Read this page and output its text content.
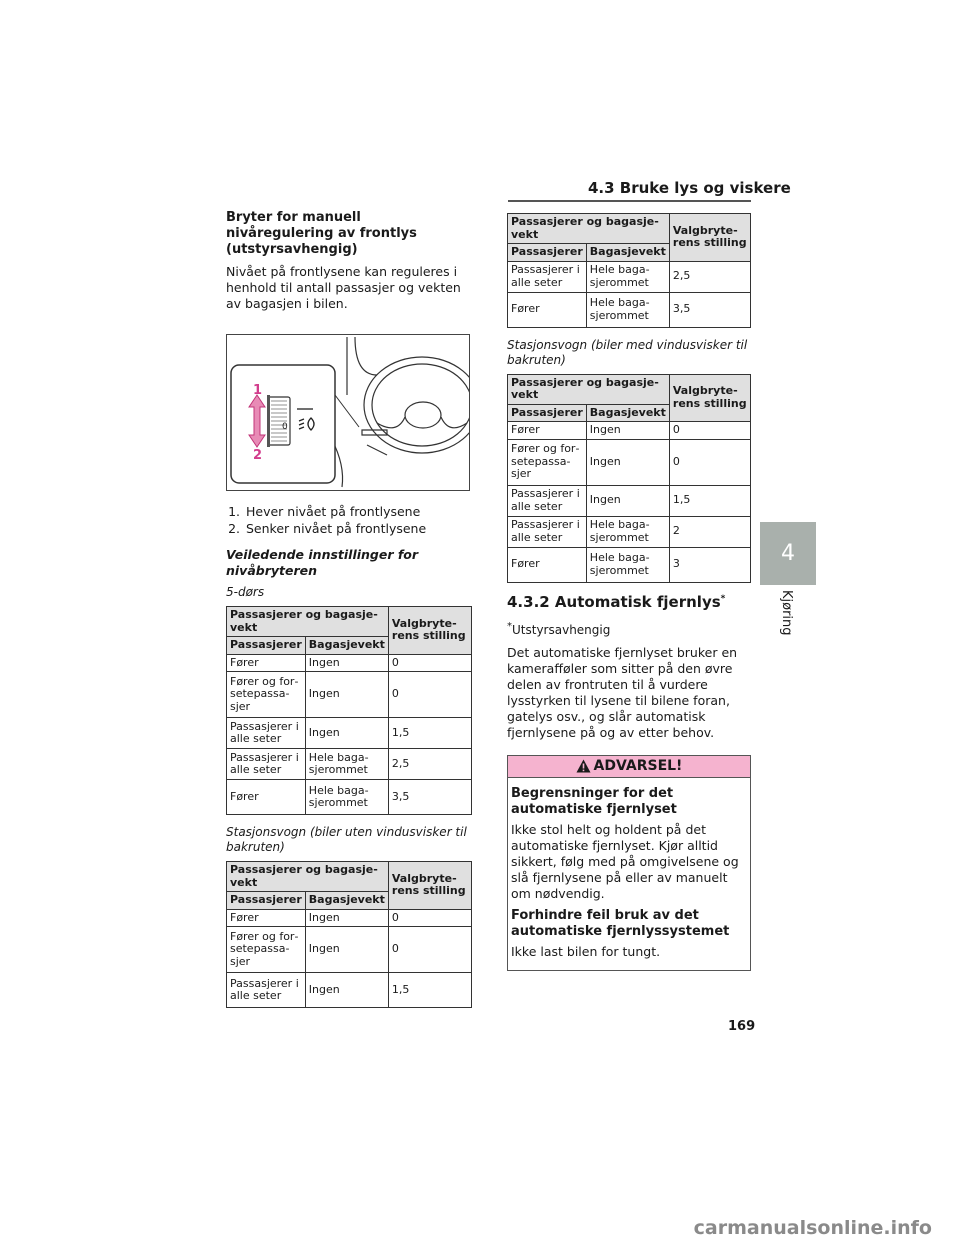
4.3 Bruke lys og viskere

Bryter for manuell nivåregulering av frontlys (utstyrsavhengig)

Nivået på frontlysene kan reguleres i henhold til antall passasjer og vekten av bagasjen i bilen.

0
1
2
1. Hever nivået på frontlysene
2. Senker nivået på frontlysene

Veiledende innstillinger for nivåbryteren

5-dørs

Passasjerer og bagasjevekt		Valgbryterens stilling
Passasjerer	Bagasjevekt	
Fører	Ingen	0
Fører og forsetepassasjer	Ingen	0
Passasjerer i alle seter	Ingen	1,5
Passasjerer i alle seter	Hele bagasjerommet	2,5
Fører	Hele bagasjerommet	3,5

Stasjonsvogn (biler uten vindusvisker til bakruten)

Passasjerer og bagasjevekt		Valgbryterens stilling
Passasjerer	Bagasjevekt	
Fører	Ingen	0
Fører og forsetepassasjer	Ingen	0
Passasjerer i alle seter	Ingen	1,5
Passasjerer og bagasjevekt		Valgbryterens stilling
Passasjerer	Bagasjevekt	
Passasjerer i alle seter	Hele bagasjerommet	2,5
Fører	Hele bagasjerommet	3,5

Stasjonsvogn (biler med vindusvisker til bakruten)

Passasjerer og bagasjevekt		Valgbryterens stilling
Passasjerer	Bagasjevekt	
Fører	Ingen	0
Fører og forsetepassasjer	Ingen	0
Passasjerer i alle seter	Ingen	1,5
Passasjerer i alle seter	Hele bagasjerommet	2
Fører	Hele bagasjerommet	3
4.3.2 Automatisk fjernlys*

*Utstyrsavhengig

Det automatiske fjernlyset bruker en kamerafføler som sitter på den øvre delen av frontruten til å vurdere lysstyrken til lysene til bilene foran, gatelys osv., og slår automatisk fjernlysene på og av etter behov.

ADVARSEL!

Begrensninger for det automatiske fjernlyset

Ikke stol helt og holdent på det automatiske fjernlyset. Kjør alltid sikkert, følg med på omgivelsene og slå fjernlysene på eller av manuelt om nødvendig.

Forhindre feil bruk av det automatiske fjernlyssystemet

Ikke last bilen for tungt.

169
4
Kjøring
carmanualsonline.info
